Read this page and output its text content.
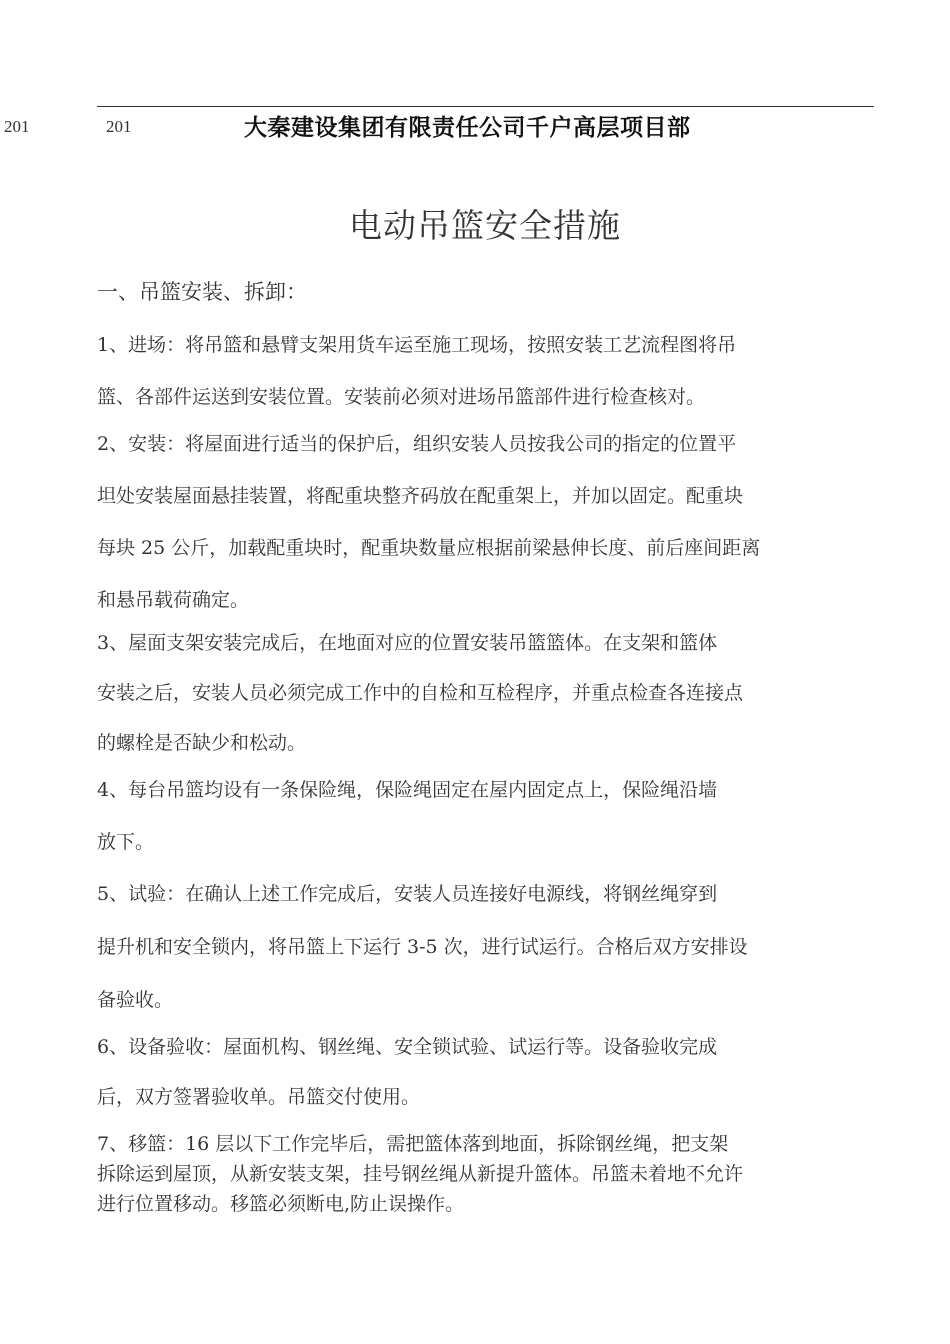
201	201	大秦建设集团有限责任公司千户高层项目部
电动吊篮安全措施
一、吊篮安装、拆卸：
1、进场：将吊篮和悬臂支架用货车运至施工现场，按照安装工艺流程图将吊
篮、各部件运送到安装位置。安装前必须对进场吊篮部件进行检查核对。
2、安装：将屋面进行适当的保护后，组织安装人员按我公司的指定的位置平
坦处安装屋面悬挂装置，将配重块整齐码放在配重架上，并加以固定。配重块
每块 25 公斤，加载配重块时，配重块数量应根据前梁悬伸长度、前后座间距离
和悬吊载荷确定。
3、屋面支架安装完成后，在地面对应的位置安装吊篮篮体。在支架和篮体
安装之后，安装人员必须完成工作中的自检和互检程序，并重点检查各连接点
的螺栓是否缺少和松动。
4、每台吊篮均设有一条保险绳，保险绳固定在屋内固定点上，保险绳沿墙
放下。
5、试验：在确认上述工作完成后，安装人员连接好电源线，将钢丝绳穿到
提升机和安全锁内，将吊篮上下运行 3-5 次，进行试运行。合格后双方安排设
备验收。
6、设备验收：屋面机构、钢丝绳、安全锁试验、试运行等。设备验收完成
后，双方签署验收单。吊篮交付使用。
7、移篮：16 层以下工作完毕后，需把篮体落到地面，拆除钢丝绳，把支架
拆除运到屋顶，从新安装支架，挂号钢丝绳从新提升篮体。吊篮未着地不允许
进行位置移动。移篮必须断电,防止误操作。
